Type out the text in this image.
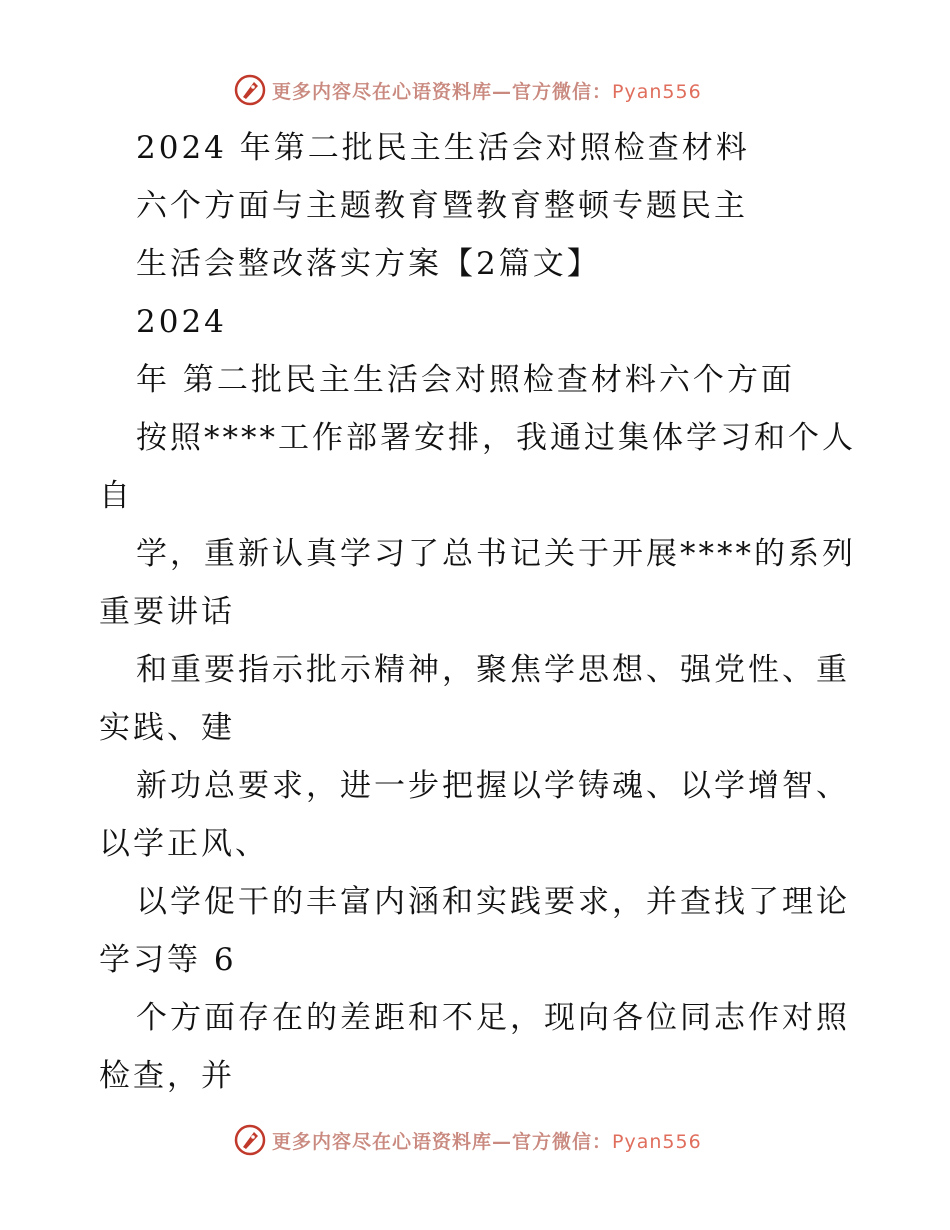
更多内容尽在心语资料库—官方微信：Pyan556
2024 年第二批民主生活会对照检查材料
六个方面与主题教育暨教育整顿专题民主
生活会整改落实方案【2篇文】
2024
年 第二批民主生活会对照检查材料六个方面
按照****工作部署安排，我通过集体学习和个人
自
学，重新认真学习了总书记关于开展****的系列
重要讲话
和重要指示批示精神，聚焦学思想、强党性、重
实践、建
新功总要求，进一步把握以学铸魂、以学增智、
以学正风、
以学促干的丰富内涵和实践要求，并查找了理论
学习等 6
个方面存在的差距和不足，现向各位同志作对照
检查，并
更多内容尽在心语资料库—官方微信：Pyan556
